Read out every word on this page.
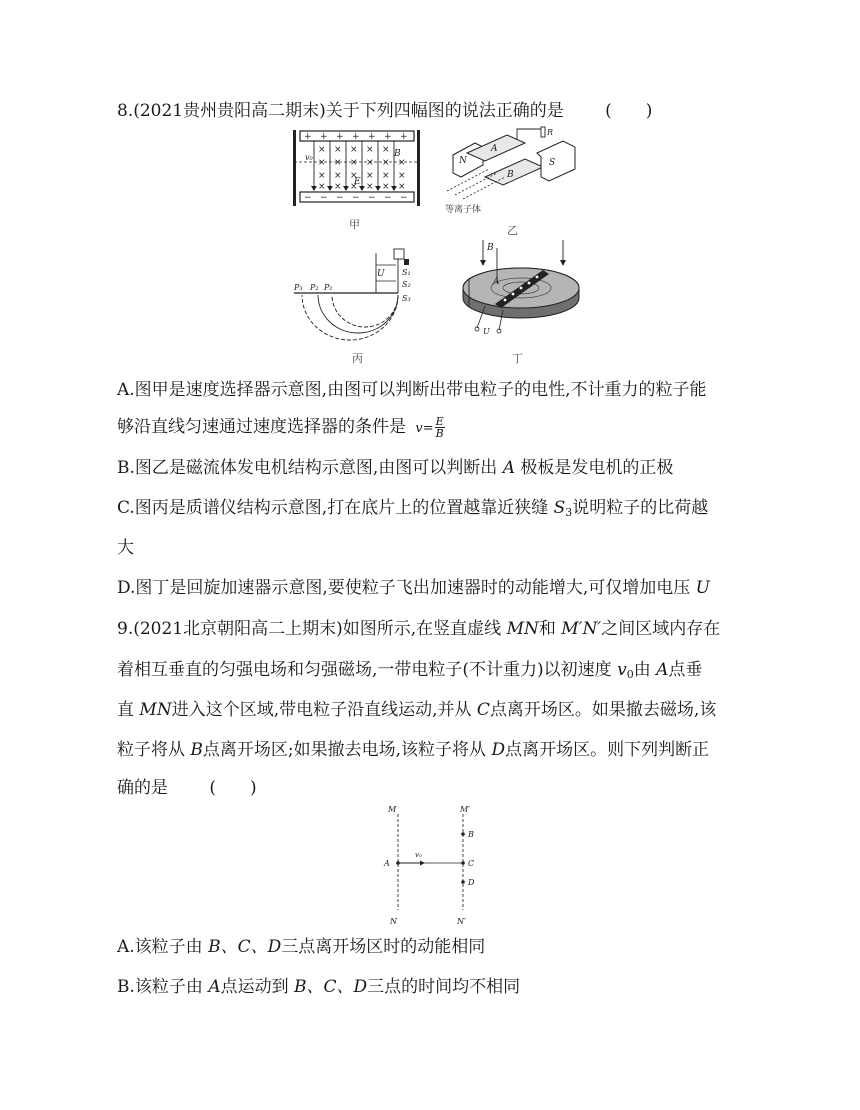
8.(2021贵州贵阳高二期末)关于下列四幅图的说法正确的是 (　　)
+ + + + + + +
− − − − − − −
× × × × ×
× × × × × ×
× × × × × ×
× × × × × ×
v₀	B
E
甲
N
A
B
S
R
等离子体
乙
U S₁
S₂
S₃
P₃ P₂ P₁
丙
B
A
U
丁
A.图甲是速度选择器示意图,由图可以判断出带电粒子的电性,不计重力的粒子能
够沿直线匀速通过速度选择器的条件是 $v= \frac{E}{B}$
B.图乙是磁流体发电机结构示意图,由图可以判断出 A 极板是发电机的正极
C.图丙是质谱仪结构示意图,打在底片上的位置越靠近狭缝 $S_3$说明粒子的比荷越
大
D.图丁是回旋加速器示意图,要使粒子飞出加速器时的动能增大,可仅增加电压 U
9.(2021北京朝阳高二上期末)如图所示,在竖直虚线 MN和 M′N′之间区域内存在
着相互垂直的匀强电场和匀强磁场,一带电粒子(不计重力)以初速度 $v_0$由 A点垂
直 MN进入这个区域,带电粒子沿直线运动,并从 C点离开场区。如果撤去磁场,该
粒子将从 B点离开场区;如果撤去电场,该粒子将从 D点离开场区。则下列判断正
确的是 (　　)
M	M′
N	N′
v₀
A
B
C
D
A.该粒子由 B、C、D三点离开场区时的动能相同
B.该粒子由 A点运动到 B、C、D三点的时间均不相同
